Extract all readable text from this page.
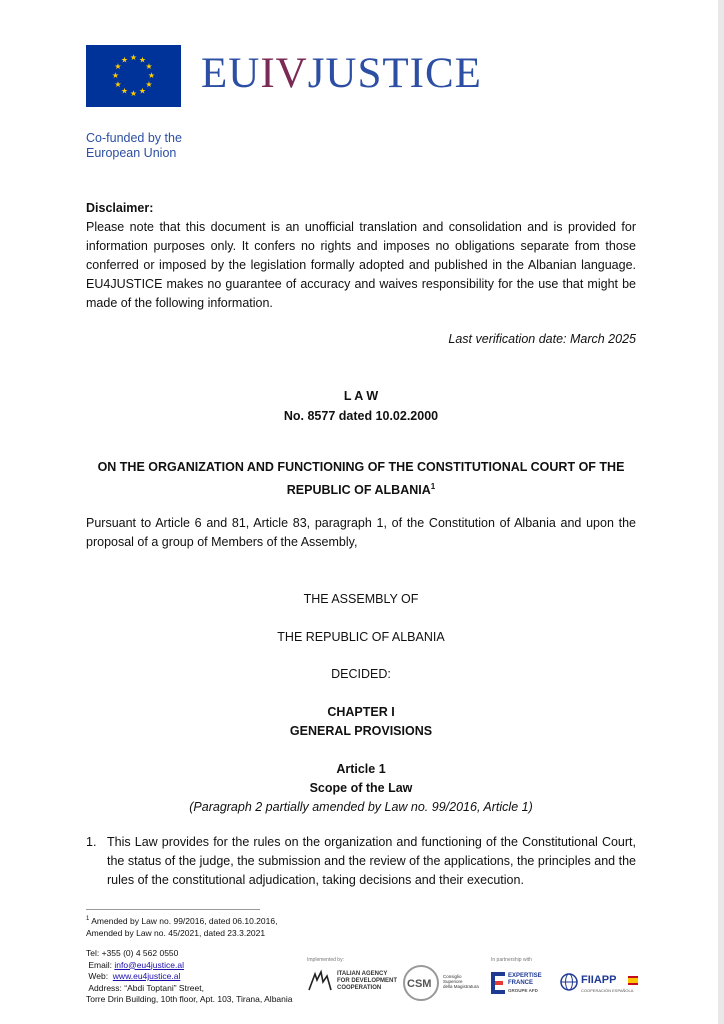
★ ★
★
★
★
★
★
★
★
★
★
★ EUIVJUSTICE
Co-funded by the
European Union
Disclaimer:
Please note that this document is an unofficial translation and consolidation and is provided for information purposes only. It confers no rights and imposes no obligations separate from those conferred or imposed by the legislation formally adopted and published in the Albanian language. EU4JUSTICE makes no guarantee of accuracy and waives responsibility for the use that might be made of the following information.
Last verification date: March 2025
L A W
No. 8577 dated 10.02.2000
ON THE ORGANIZATION AND FUNCTIONING OF THE CONSTITUTIONAL COURT OF THE
REPUBLIC OF ALBANIA$^1$
Pursuant to Article 6 and 81, Article 83, paragraph 1, of the Constitution of Albania and upon the proposal of a group of Members of the Assembly,
THE ASSEMBLY OF
THE REPUBLIC OF ALBANIA
DECIDED:
CHAPTER I
GENERAL PROVISIONS
Article 1
Scope of the Law
(Paragraph 2 partially amended by Law no. 99/2016, Article 1)
1. This Law provides for the rules on the organization and functioning of the Constitutional Court, the status of the judge, the submission and the review of the applications, the principles and the rules of the constitutional adjudication, taking decisions and their execution.
$^1$ Amended by Law no. 99/2016, dated 06.10.2016,
Amended by Law no. 45/2021, dated 23.3.2021
Tel: +355 (0) 4 562 0550
Email: info@eu4justice.al
Web: www.eu4justice.al
Address: “Abdi Toptani” Street,
Torre Drin Building, 10th floor, Apt. 103, Tirana, Albania
Implemented by:
ITALIAN AGENCY
FOR DEVELOPMENT
COOPERATION	CSM
Consiglio
Superiore
della Magistratura
In partnership with
EXPERTISE
FRANCE
GROUPE AFD
FIIAPP
COOPERACIÓN ESPAÑOLA
